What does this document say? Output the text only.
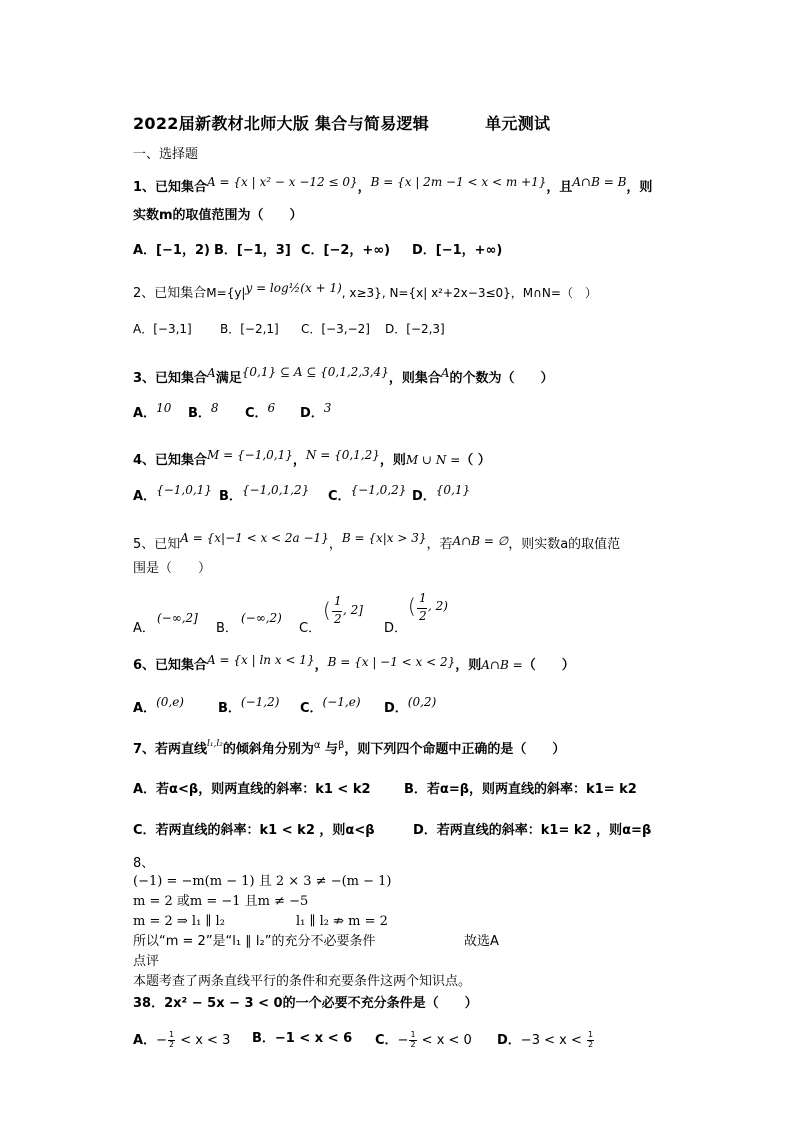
2022届新教材北师大版 集合与简易逻辑	单元测试
一、选择题
1、已知集合A = {x | x² − x −12 ≤ 0}，B = {x | 2m −1 < x < m +1}，且A∩B = B，则
实数m的取值范围为（　　）
A．[−1，2) B．[−1，3] C．[−2，+∞) D．[−1，+∞)
2、已知集合M={y|y = log½(x + 1), x≥3}, N={x| x²+2x−3≤0}，M∩N=（　）
A．[−3,1] B．[−2,1] C．[−3,−2] D．[−2,3]
3、已知集合A满足{0,1} ⊆ A ⊆ {0,1,2,3,4}，则集合A的个数为（　　）
A．10 B．8 C．6 D．3
4、已知集合M = {−1,0,1}，N = {0,1,2}，则M ∪ N =（ ）
A．{−1,0,1} B．{−1,0,1,2} C．{−1,0,2} D．{0,1}
5、已知A = {x|−1 < x < 2a −1}，B = {x|x > 3}，若A∩B = ∅，则实数a的取值范
围是（　　）
A．
(−∞,2]
B．
(−∞,2)
C．
( 1
2
, 2]
D．
( 1
2
, 2)
6、已知集合A = {x | ln x < 1}，B = {x | −1 < x < 2}，则A∩B =（　　）
A．(0,e)	B．(−1,2) C．(−1,e) D．(0,2)
7、若两直线$^{l_1,l_2}$的倾斜角分别为$^\alpha$ 与$^\beta$，则下列四个命题中正确的是（　　）
A．若α<β，则两直线的斜率：k1 < k2	B．若α=β，则两直线的斜率：k1= k2
C．若两直线的斜率：k1 < k2 ，则α<β	D．若两直线的斜率：k1= k2 ，则α=β
8、
(−1) = −m(m − 1) 且 2 × 3 ≠ −(m − 1)
m = 2 或m = −1 且m ≠ −5
m = 2 ⇒ l₁ ∥ l₂	l₁ ∥ l₂ ⇏ m = 2
所以“m = 2”是“l₁ ∥ l₂”的充分不必要条件	故选A
点评
本题考查了两条直线平行的条件和充要条件这两个知识点。
38．2x² − 5x − 3 < 0的一个必要不充分条件是（　　）
A．− $\frac{1}{2} < x < 3$ B．−1 < x < 6 C．− $\frac{1}{2} < x < 0$ D．$-3 < x < \frac{1}{2}$
